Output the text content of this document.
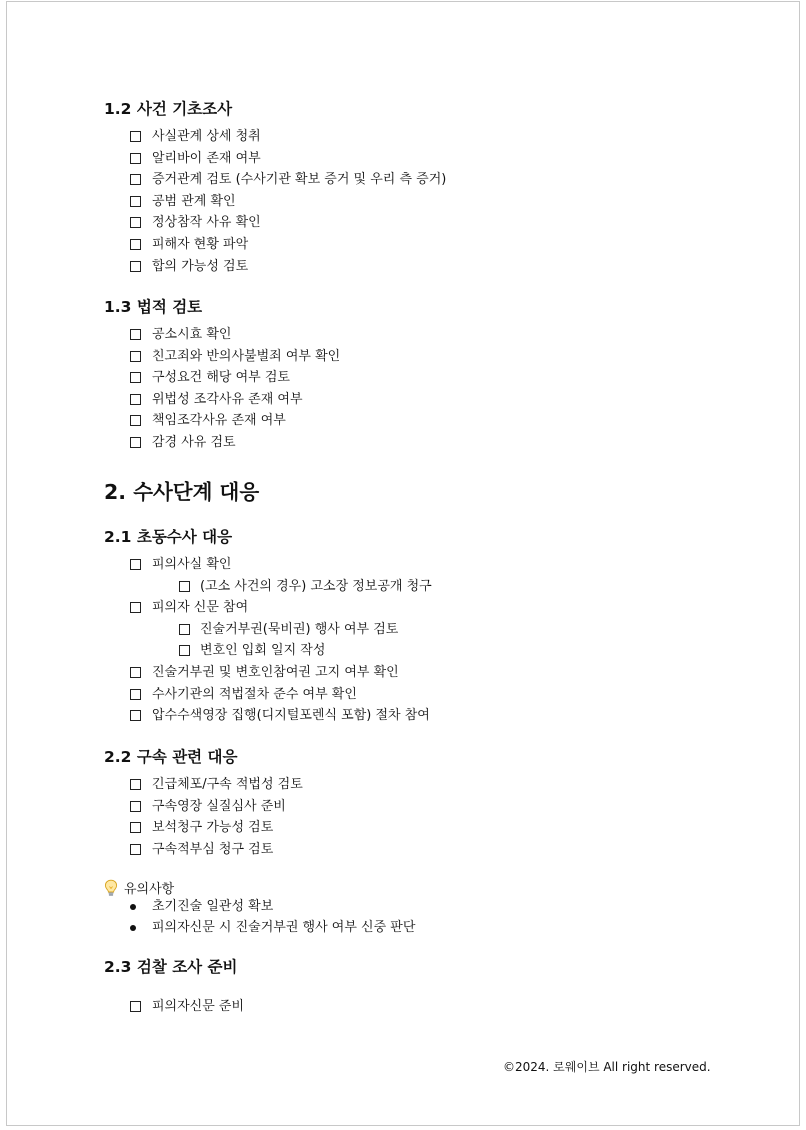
1.2 사건 기초조사
사실관계 상세 청취
알리바이 존재 여부
증거관계 검토 (수사기관 확보 증거 및 우리 측 증거)
공범 관계 확인
정상참작 사유 확인
피해자 현황 파악
합의 가능성 검토
1.3 법적 검토
공소시효 확인
친고죄와 반의사불벌죄 여부 확인
구성요건 해당 여부 검토
위법성 조각사유 존재 여부
책임조각사유 존재 여부
감경 사유 검토
2. 수사단계 대응
2.1 초동수사 대응
피의사실 확인
(고소 사건의 경우) 고소장 정보공개 청구
피의자 신문 참여
진술거부권(묵비권) 행사 여부 검토
변호인 입회 일지 작성
진술거부권 및 변호인참여권 고지 여부 확인
수사기관의 적법절차 준수 여부 확인
압수수색영장 집행(디지털포렌식 포함) 절차 참여
2.2 구속 관련 대응
긴급체포/구속 적법성 검토
구속영장 실질심사 준비
보석청구 가능성 검토
구속적부심 청구 검토
유의사항
초기진술 일관성 확보
피의자신문 시 진술거부권 행사 여부 신중 판단
2.3 검찰 조사 준비
피의자신문 준비
©2024. 로웨이브 All right reserved.
